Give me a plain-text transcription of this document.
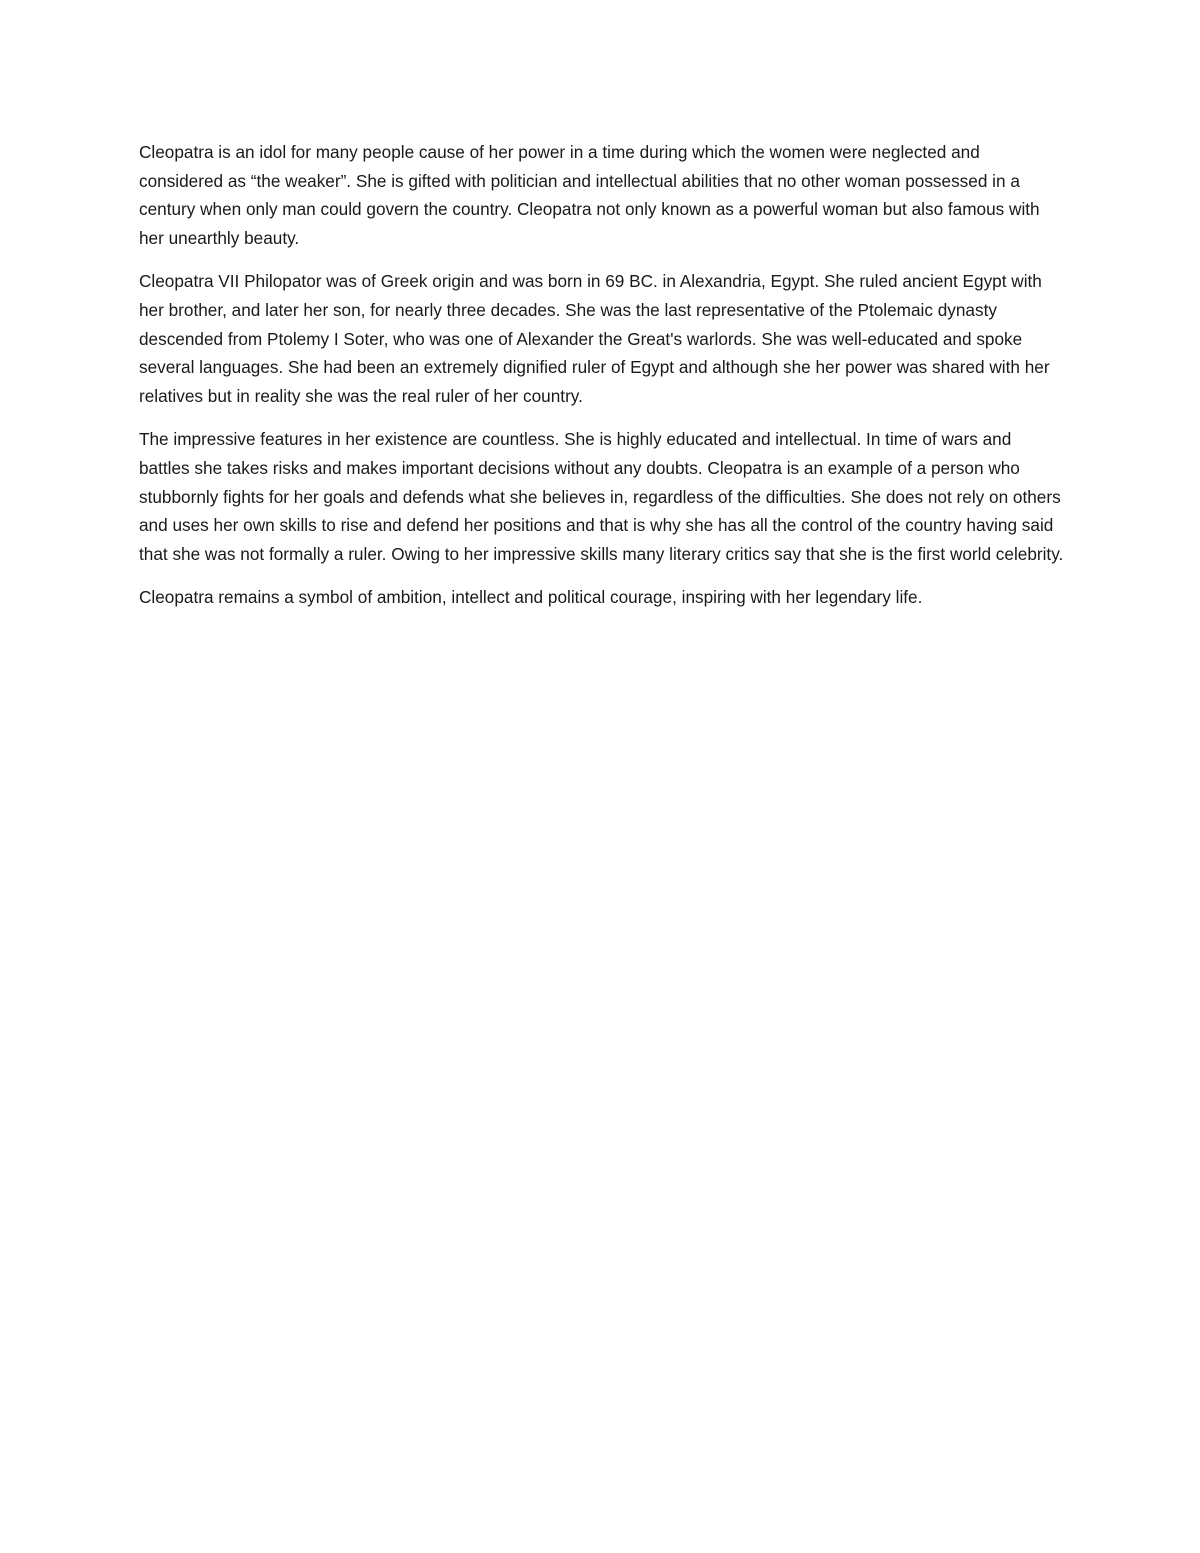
Cleopatra is an idol for many people cause of her power in a time during which the women were neglected and considered as “the weaker”. She is gifted with politician and intellectual abilities that no other woman possessed in a century when only man could govern the country. Cleopatra not only known as a powerful woman but also famous with her unearthly beauty.

Cleopatra VII Philopator was of Greek origin and was born in 69 BC. in Alexandria, Egypt. She ruled ancient Egypt with her brother, and later her son, for nearly three decades. She was the last representative of the Ptolemaic dynasty descended from Ptolemy I Soter, who was one of Alexander the Great's warlords. She was well-educated and spoke several languages. She had been an extremely dignified ruler of Egypt and although she her power was shared with her relatives but in reality she was the real ruler of her country.

The impressive features in her existence are countless. She is highly educated and intellectual. In time of wars and battles she takes risks and makes important decisions without any doubts. Cleopatra is an example of a person who stubbornly fights for her goals and defends what she believes in, regardless of the difficulties. She does not rely on others and uses her own skills to rise and defend her positions and that is why she has all the control of the country having said that she was not formally a ruler. Owing to her impressive skills many literary critics say that she is the first world celebrity.

Cleopatra remains a symbol of ambition, intellect and political courage, inspiring with her legendary life.
